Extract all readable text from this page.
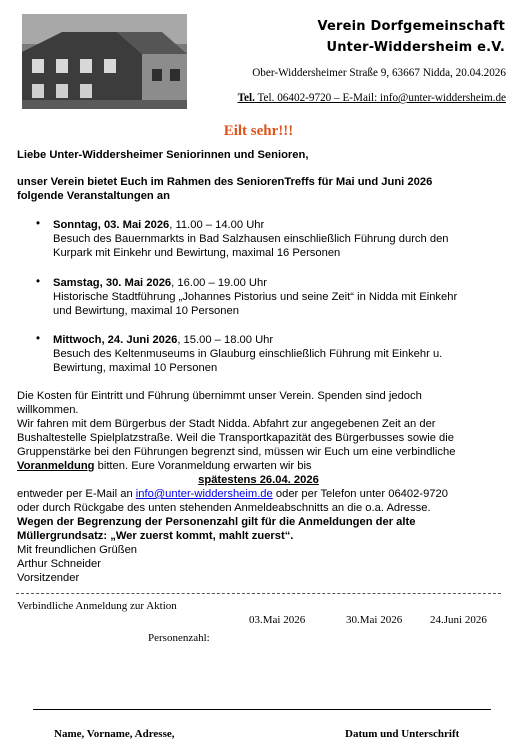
Verein Dorfgemeinschaft
Unter-Widdersheim e.V.
Ober-Widdersheimer Straße 9, 63667 Nidda, 20.04.2026
Tel. Tel. 06402-9720 – E-Mail: info@unter-widdersheim.de
Eilt sehr!!!
Liebe Unter-Widdersheimer Seniorinnen und Senioren,
unser Verein bietet Euch im Rahmen des SeniorenTreffs für Mai und Juni 2026
folgende Veranstaltungen an
• Sonntag, 03. Mai 2026, 11.00 – 14.00 Uhr
Besuch des Bauernmarkts in Bad Salzhausen einschließlich Führung durch den
Kurpark mit Einkehr und Bewirtung, maximal 16 Personen
• Samstag, 30. Mai 2026, 16.00 – 19.00 Uhr
Historische Stadtführung „Johannes Pistorius und seine Zeit“ in Nidda mit Einkehr
und Bewirtung, maximal 10 Personen
• Mittwoch, 24. Juni 2026, 15.00 – 18.00 Uhr
Besuch des Keltenmuseums in Glauburg einschließlich Führung mit Einkehr u.
Bewirtung, maximal 10 Personen
Die Kosten für Eintritt und Führung übernimmt unser Verein. Spenden sind jedoch
willkommen.
Wir fahren mit dem Bürgerbus der Stadt Nidda. Abfahrt zur angegebenen Zeit an der
Bushaltestelle Spielplatzstraße. Weil die Transportkapazität des Bürgerbusses sowie die
Gruppenstärke bei den Führungen begrenzt sind, müssen wir Euch um eine verbindliche
Voranmeldung bitten. Eure Voranmeldung erwarten wir bis
spätestens 26.04. 2026
entweder per E-Mail an info@unter-widdersheim.de oder per Telefon unter 06402-9720
oder durch Rückgabe des unten stehenden Anmeldeabschnitts an die o.a. Adresse.
Wegen der Begrenzung der Personenzahl gilt für die Anmeldungen der alte
Müllergrundsatz: „Wer zuerst kommt, mahlt zuerst“.
Mit freundlichen Grüßen
Arthur Schneider
Vorsitzender
Verbindliche Anmeldung zur Aktion
03.Mai 2026	30.Mai 2026	24.Juni 2026
Personenzahl:
Name, Vorname, Adresse,	Datum und Unterschrift
